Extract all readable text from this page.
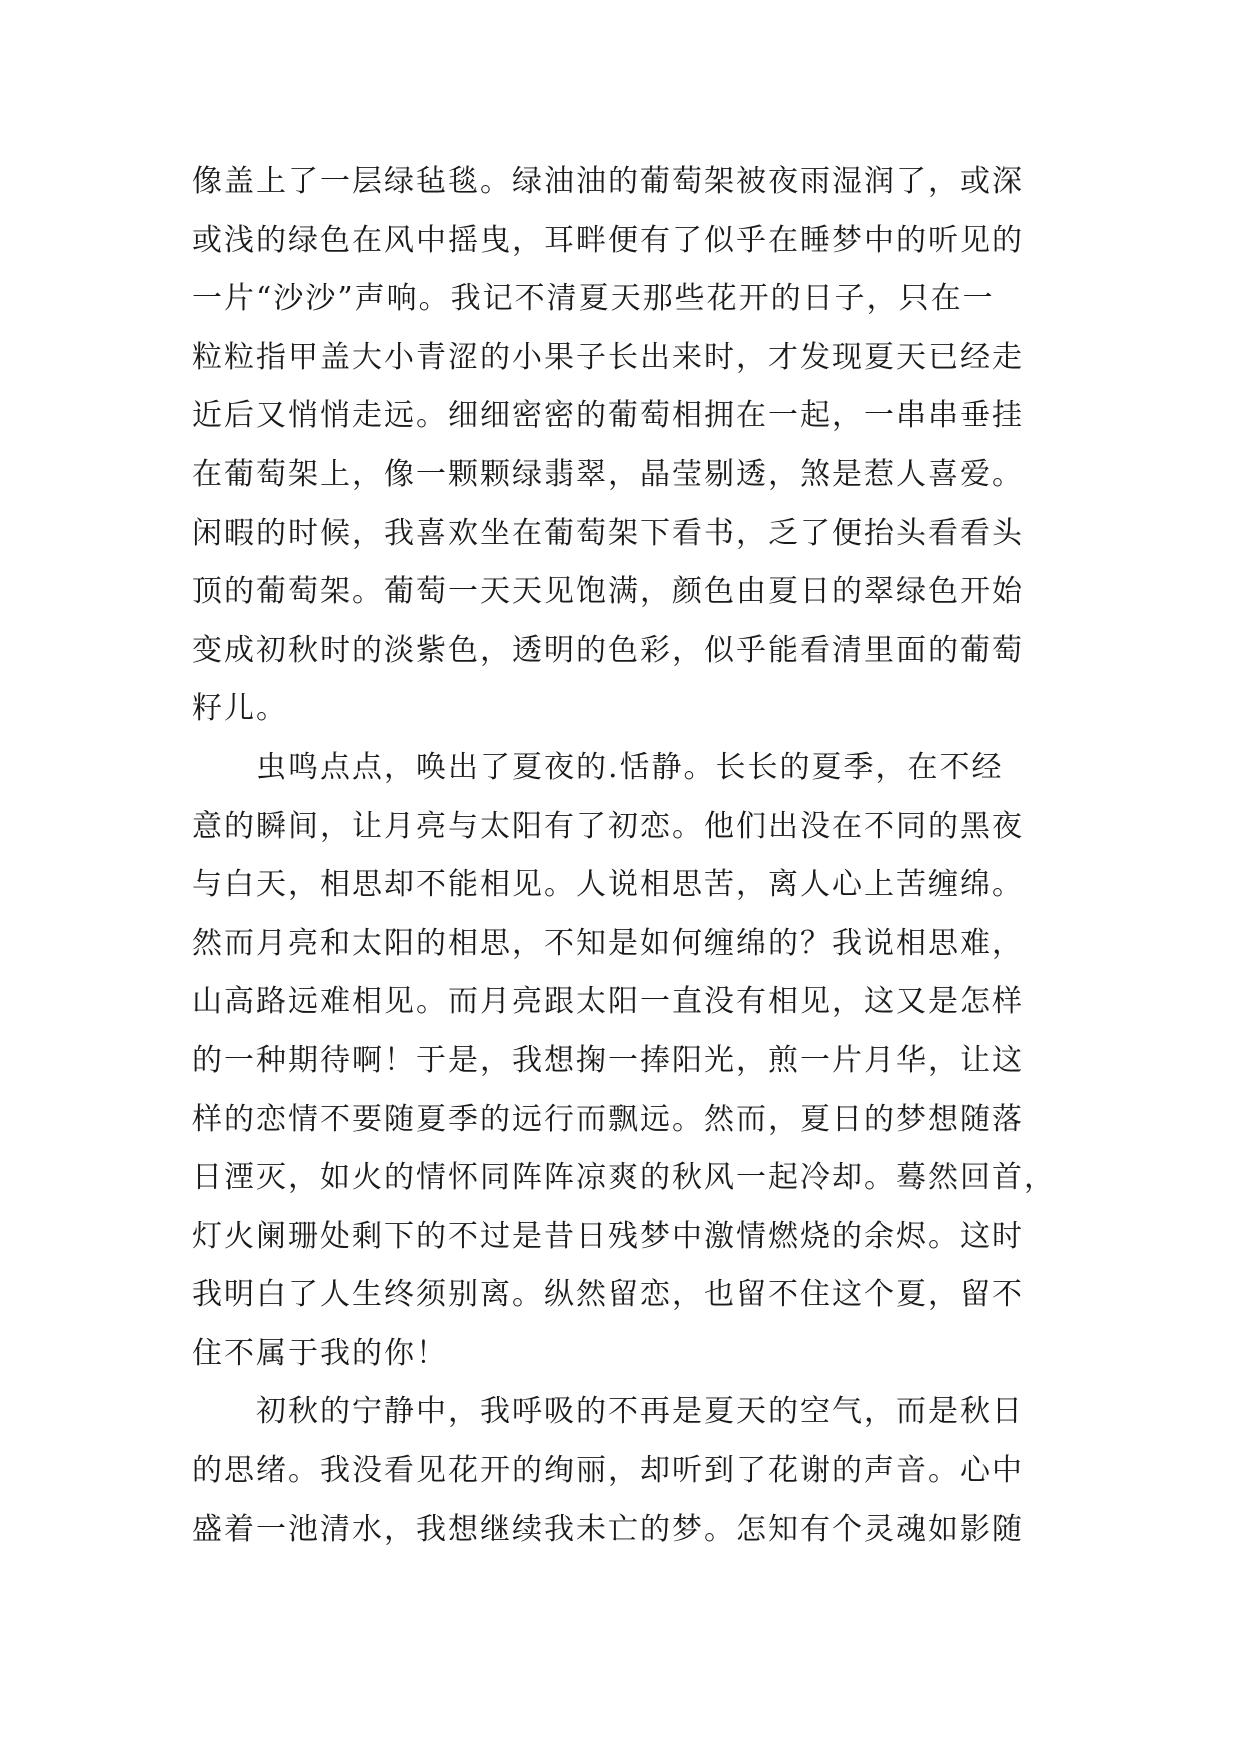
像盖上了一层绿毡毯。绿油油的葡萄架被夜雨湿润了，或深
或浅的绿色在风中摇曳，耳畔便有了似乎在睡梦中的听见的
一片“沙沙”声响。我记不清夏天那些花开的日子，只在一
粒粒指甲盖大小青涩的小果子长出来时，才发现夏天已经走
近后又悄悄走远。细细密密的葡萄相拥在一起，一串串垂挂
在葡萄架上，像一颗颗绿翡翠，晶莹剔透，煞是惹人喜爱。
闲暇的时候，我喜欢坐在葡萄架下看书，乏了便抬头看看头
顶的葡萄架。葡萄一天天见饱满，颜色由夏日的翠绿色开始
变成初秋时的淡紫色，透明的色彩，似乎能看清里面的葡萄
籽儿。
虫鸣点点，唤出了夏夜的.恬静。长长的夏季，在不经
意的瞬间，让月亮与太阳有了初恋。他们出没在不同的黑夜
与白天，相思却不能相见。人说相思苦，离人心上苦缠绵。
然而月亮和太阳的相思，不知是如何缠绵的？我说相思难，
山高路远难相见。而月亮跟太阳一直没有相见，这又是怎样
的一种期待啊！于是，我想掬一捧阳光，煎一片月华，让这
样的恋情不要随夏季的远行而飘远。然而，夏日的梦想随落
日湮灭，如火的情怀同阵阵凉爽的秋风一起冷却。蓦然回首，
灯火阑珊处剩下的不过是昔日残梦中激情燃烧的余烬。这时
我明白了人生终须别离。纵然留恋，也留不住这个夏，留不
住不属于我的你！
初秋的宁静中，我呼吸的不再是夏天的空气，而是秋日
的思绪。我没看见花开的绚丽，却听到了花谢的声音。心中
盛着一池清水，我想继续我未亡的梦。怎知有个灵魂如影随
